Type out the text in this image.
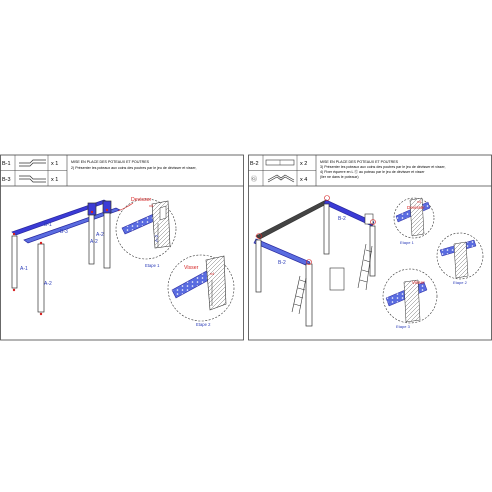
B-1
B-3
x 1
x 1
MISE EN PLACE DES POTEAUX ET POUTRES
2) Présenter les poteaux aux coins des poutres par le jeu de dévisser et visser,
B-1
B-3
A-1
A-2
A-2
A-2
Devisser
x4
A-2
Etape 1	Visser
x4
Etape 2
B-2
Ⓖ
x 2
x 4
MISE EN PLACE DES POTEAUX ET POUTRES
3) Présenter les poteaux aux coins des poutres par le jeu de dévisser et visser,
4) Fixer équerre en L Ⓖ au poteau par le jeu de dévisser et visser
(lier ne dans le poteaux)
B-2
B-2
Devisser
x4
Etape 1
Etape 2
Visser
Etape 3
